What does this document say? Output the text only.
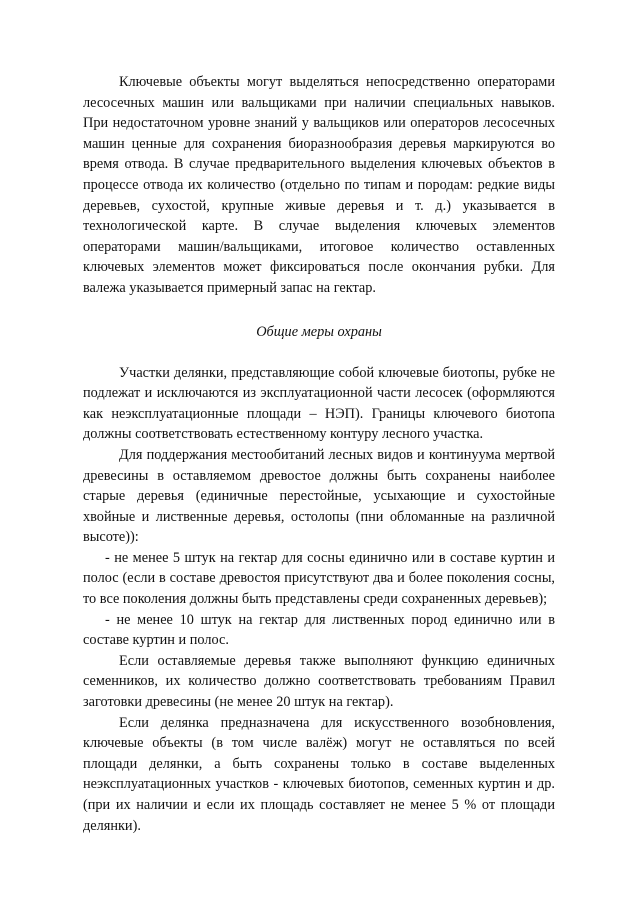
Ключевые объекты могут выделяться непосредственно операторами лесосечных машин или вальщиками при наличии специальных навыков. При недостаточном уровне знаний у вальщиков или операторов лесосечных машин ценные для сохранения биоразнообразия деревья маркируются во время отвода. В случае предварительного выделения ключевых объектов в процессе отвода их количество (отдельно по типам и породам: редкие виды деревьев, сухостой, крупные живые деревья и т. д.) указывается в технологической карте. В случае выделения ключевых элементов операторами машин/вальщиками, итоговое количество оставленных ключевых элементов может фиксироваться после окончания рубки. Для валежа указывается примерный запас на гектар.

Общие меры охраны

Участки делянки, представляющие собой ключевые биотопы, рубке не подлежат и исключаются из эксплуатационной части лесосек (оформляются как неэксплуатационные площади – НЭП). Границы ключевого биотопа должны соответствовать естественному контуру лесного участка.

Для поддержания местообитаний лесных видов и континуума мертвой древесины в оставляемом древостое должны быть сохранены наиболее старые деревья (единичные перестойные, усыхающие и сухостойные хвойные и лиственные деревья, остолопы (пни обломанные на различной высоте)):

- не менее 5 штук на гектар для сосны единично или в составе куртин и полос (если в составе древостоя присутствуют два и более поколения сосны, то все поколения должны быть представлены среди сохраненных деревьев);

- не менее 10 штук на гектар для лиственных пород единично или в составе куртин и полос.

Если оставляемые деревья также выполняют функцию единичных семенников, их количество должно соответствовать требованиям Правил заготовки древесины (не менее 20 штук на гектар).

Если делянка предназначена для искусственного возобновления, ключевые объекты (в том числе валёж) могут не оставляться по всей площади делянки, а быть сохранены только в составе выделенных неэксплуатационных участков - ключевых биотопов, семенных куртин и др. (при их наличии и если их площадь составляет не менее 5 % от площади делянки).
